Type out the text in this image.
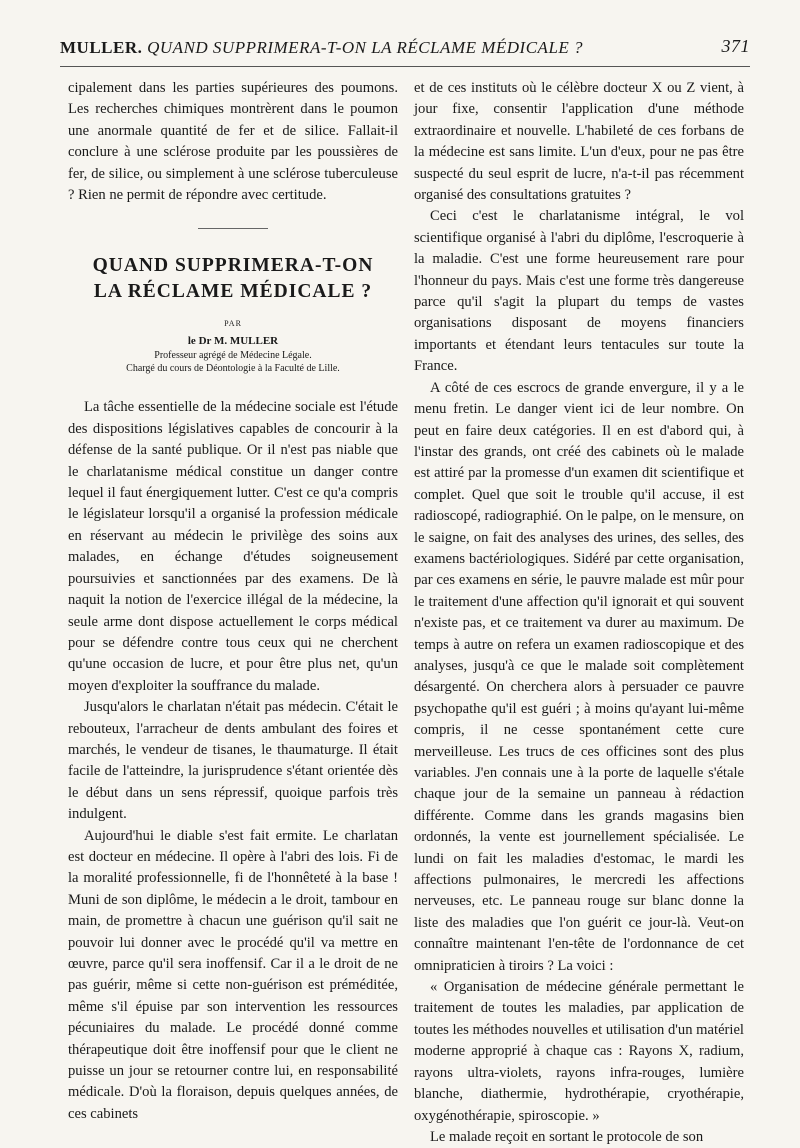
MULLER. QUAND SUPPRIMERA-T-ON LA RÉCLAME MÉDICALE ?	371

cipalement dans les parties supérieures des poumons. Les recherches chimiques montrèrent dans le poumon une anormale quantité de fer et de silice. Fallait-il conclure à une sclérose produite par les poussières de fer, de silice, ou simplement à une sclérose tuberculeuse ? Rien ne permit de répondre avec certitude.

QUAND SUPPRIMERA-T-ON
LA RÉCLAME MÉDICALE ?
PAR
le Dr M. MULLER
Professeur agrégé de Médecine Légale.
Chargé du cours de Déontologie à la Faculté de Lille.

La tâche essentielle de la médecine sociale est l'étude des dispositions législatives capables de concourir à la défense de la santé publique. Or il n'est pas niable que le charlatanisme médical constitue un danger contre lequel il faut énergiquement lutter. C'est ce qu'a compris le législateur lorsqu'il a organisé la profession médicale en réservant au médecin le privilège des soins aux malades, en échange d'études soigneusement poursuivies et sanctionnées par des examens. De là naquit la notion de l'exercice illégal de la médecine, la seule arme dont dispose actuellement le corps médical pour se défendre contre tous ceux qui ne cherchent qu'une occasion de lucre, et pour être plus net, qu'un moyen d'exploiter la souffrance du malade.

Jusqu'alors le charlatan n'était pas médecin. C'était le rebouteux, l'arracheur de dents ambulant des foires et marchés, le vendeur de tisanes, le thaumaturge. Il était facile de l'atteindre, la jurisprudence s'étant orientée dès le début dans un sens répressif, quoique parfois très indulgent.

Aujourd'hui le diable s'est fait ermite. Le charlatan est docteur en médecine. Il opère à l'abri des lois. Fi de la moralité professionnelle, fi de l'honnêteté à la base ! Muni de son diplôme, le médecin a le droit, tambour en main, de promettre à chacun une guérison qu'il sait ne pouvoir lui donner avec le procédé qu'il va mettre en œuvre, parce qu'il sera inoffensif. Car il a le droit de ne pas guérir, même si cette non-guérison est préméditée, même s'il épuise par son intervention les ressources pécuniaires du malade. Le procédé donné comme thérapeutique doit être inoffensif pour que le client ne puisse un jour se retourner contre lui, en responsabilité médicale. D'où la floraison, depuis quelques années, de ces cabinets

et de ces instituts où le célèbre docteur X ou Z vient, à jour fixe, consentir l'application d'une méthode extraordinaire et nouvelle. L'habileté de ces forbans de la médecine est sans limite. L'un d'eux, pour ne pas être suspecté du seul esprit de lucre, n'a-t-il pas récemment organisé des consultations gratuites ?

Ceci c'est le charlatanisme intégral, le vol scientifique organisé à l'abri du diplôme, l'escroquerie à la maladie. C'est une forme heureusement rare pour l'honneur du pays. Mais c'est une forme très dangereuse parce qu'il s'agit la plupart du temps de vastes organisations disposant de moyens financiers importants et étendant leurs tentacules sur toute la France.

A côté de ces escrocs de grande envergure, il y a le menu fretin. Le danger vient ici de leur nombre. On peut en faire deux catégories. Il en est d'abord qui, à l'instar des grands, ont créé des cabinets où le malade est attiré par la promesse d'un examen dit scientifique et complet. Quel que soit le trouble qu'il accuse, il est radioscopé, radiographié. On le palpe, on le mensure, on le saigne, on fait des analyses des urines, des selles, des examens bactériologiques. Sidéré par cette organisation, par ces examens en série, le pauvre malade est mûr pour le traitement d'une affection qu'il ignorait et qui souvent n'existe pas, et ce traitement va durer au maximum. De temps à autre on refera un examen radioscopique et des analyses, jusqu'à ce que le malade soit complètement désargenté. On cherchera alors à persuader ce pauvre psychopathe qu'il est guéri ; à moins qu'ayant lui-même compris, il ne cesse spontanément cette cure merveilleuse. Les trucs de ces officines sont des plus variables. J'en connais une à la porte de laquelle s'étale chaque jour de la semaine un panneau à rédaction différente. Comme dans les grands magasins bien ordonnés, la vente est journellement spécialisée. Le lundi on fait les maladies d'estomac, le mardi les affections pulmonaires, le mercredi les affections nerveuses, etc. Le panneau rouge sur blanc donne la liste des maladies que l'on guérit ce jour-là. Veut-on connaître maintenant l'en-tête de l'ordonnance de cet omnipraticien à tiroirs ? La voici :

« Organisation de médecine générale permettant le traitement de toutes les maladies, par application de toutes les méthodes nouvelles et utilisation d'un matériel moderne approprié à chaque cas : Rayons X, radium, rayons ultra-violets, rayons infra-rouges, lumière blanche, diathermie, hydrothérapie, cryothérapie, oxygénothérapie, spiroscopie. »

Le malade reçoit en sortant le protocole de son
